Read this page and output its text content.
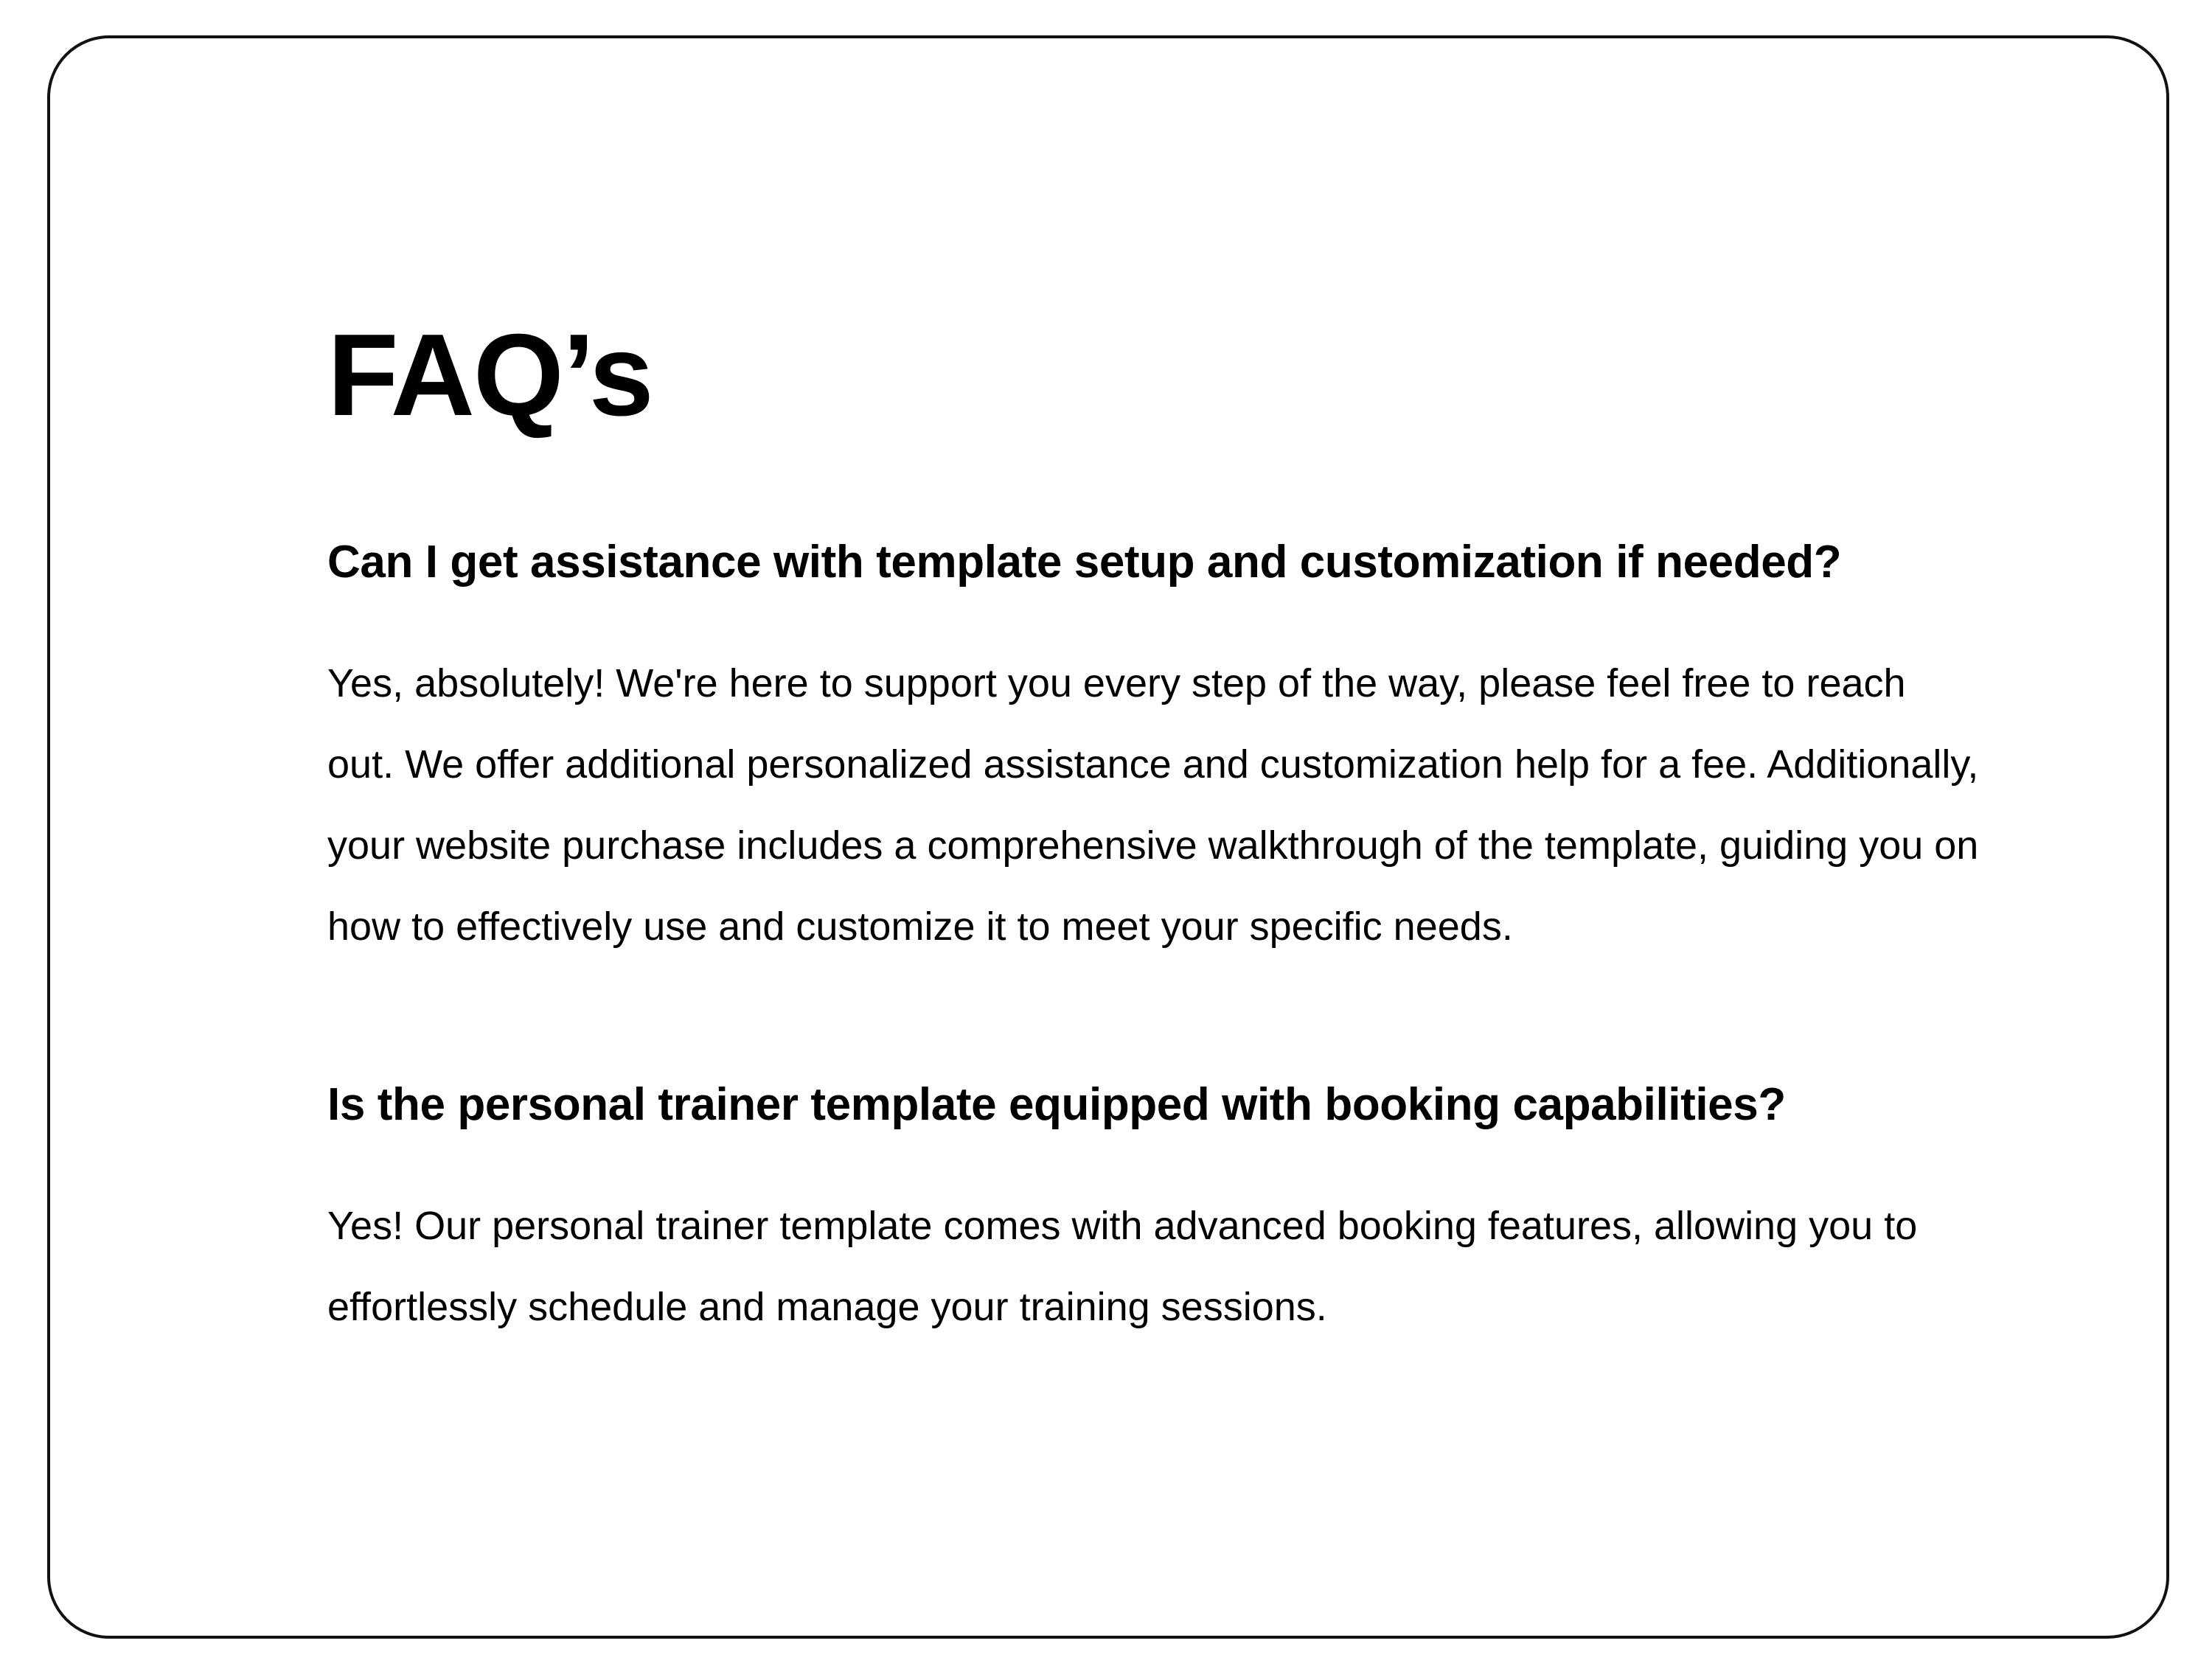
FAQ’s
Can I get assistance with template setup and customization if needed?

Yes, absolutely! We're here to support you every step of the way, please feel free to reach out. We offer additional personalized assistance and customization help for a fee. Additionally, your website purchase includes a comprehensive walkthrough of the template, guiding you on how to effectively use and customize it to meet your specific needs.

Is the personal trainer template equipped with booking capabilities?

Yes! Our personal trainer template comes with advanced booking features, allowing you to effortlessly schedule and manage your training sessions.
